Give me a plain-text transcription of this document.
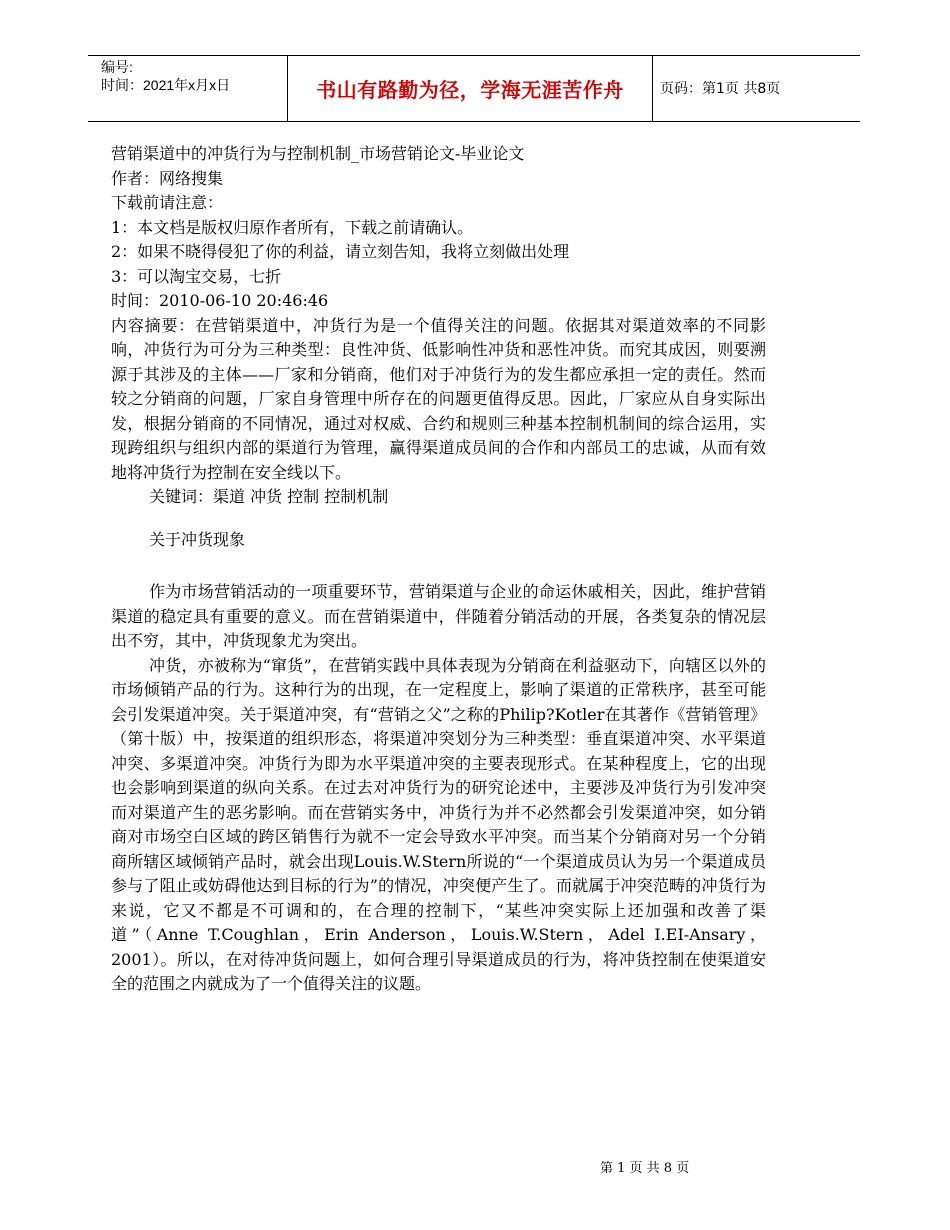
编号:
时间：2021年x月x日	书山有路勤为径，学海无涯苦作舟	页码：第1页 共8页
营销渠道中的冲货行为与控制机制_市场营销论文-毕业论文
作者：网络搜集
下载前请注意：
1：本文档是版权归原作者所有，下载之前请确认。
2：如果不晓得侵犯了你的利益，请立刻告知，我将立刻做出处理
3：可以淘宝交易，七折
时间：2010-06-10 20:46:46
内容摘要：在营销渠道中，冲货行为是一个值得关注的问题。依据其对渠道效率的不同影响，冲货行为可分为三种类型：良性冲货、低影响性冲货和恶性冲货。而究其成因，则要溯源于其涉及的主体——厂家和分销商，他们对于冲货行为的发生都应承担一定的责任。然而较之分销商的问题，厂家自身管理中所存在的问题更值得反思。因此，厂家应从自身实际出发，根据分销商的不同情况，通过对权威、合约和规则三种基本控制机制间的综合运用，实现跨组织与组织内部的渠道行为管理，赢得渠道成员间的合作和内部员工的忠诚，从而有效地将冲货行为控制在安全线以下。
关键词：渠道 冲货 控制 控制机制
关于冲货现象
作为市场营销活动的一项重要环节，营销渠道与企业的命运休戚相关，因此，维护营销渠道的稳定具有重要的意义。而在营销渠道中，伴随着分销活动的开展，各类复杂的情况层出不穷，其中，冲货现象尤为突出。
冲货，亦被称为“窜货”，在营销实践中具体表现为分销商在利益驱动下，向辖区以外的市场倾销产品的行为。这种行为的出现，在一定程度上，影响了渠道的正常秩序，甚至可能会引发渠道冲突。关于渠道冲突，有“营销之父”之称的Philip?Kotler在其著作《营销管理》（第十版）中，按渠道的组织形态，将渠道冲突划分为三种类型：垂直渠道冲突、水平渠道冲突、多渠道冲突。冲货行为即为水平渠道冲突的主要表现形式。在某种程度上，它的出现也会影响到渠道的纵向关系。在过去对冲货行为的研究论述中，主要涉及冲货行为引发冲突而对渠道产生的恶劣影响。而在营销实务中，冲货行为并不必然都会引发渠道冲突，如分销商对市场空白区域的跨区销售行为就不一定会导致水平冲突。而当某个分销商对另一个分销商所辖区域倾销产品时，就会出现Louis.W.Stern所说的“一个渠道成员认为另一个渠道成员参与了阻止或妨碍他达到目标的行为”的情况，冲突便产生了。而就属于冲突范畴的冲货行为来说，它又不都是不可调和的，在合理的控制下，“某些冲突实际上还加强和改善了渠道”（Anne T.Coughlan，Erin Anderson，Louis.W.Stern，Adel I.EI-Ansary，2001）。所以，在对待冲货问题上，如何合理引导渠道成员的行为，将冲货控制在使渠道安全的范围之内就成为了一个值得关注的议题。
第 1 页 共 8 页
